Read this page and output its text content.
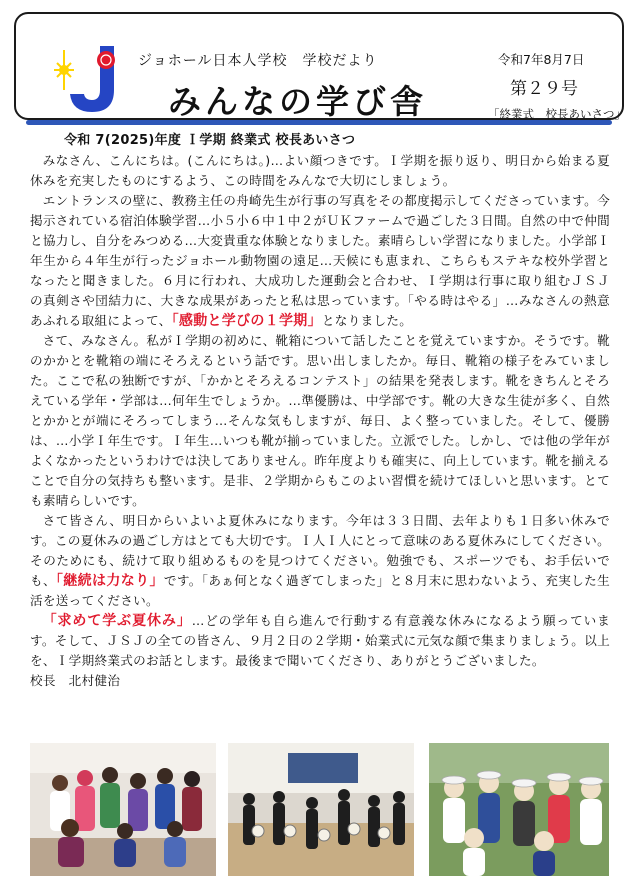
ジョホール日本人学校　学校だより
みんなの学び舎
令和7年8月7日
第２９号
「終業式　校長あいさつ」
令和 7(2025)年度 Ｉ学期 終業式 校長あいさつ

みなさん、こんにちは。(こんにちは。)…よい顔つきです。Ｉ学期を振り返り、明日から始まる夏休みを充実したものにするよう、この時間をみんなで大切にしましょう。

エントランスの壁に、教務主任の舟崎先生が行事の写真をその都度掲示してくださっています。今掲示されている宿泊体験学習…小５小６中１中２がＵＫファームで過ごした３日間。自然の中で仲間と協力し、自分をみつめる…大変貴重な体験となりました。素晴らしい学習になりました。小学部Ｉ年生から４年生が行ったジョホール動物園の遠足…天候にも恵まれ、こちらもステキな校外学習となったと聞きました。６月に行われ、大成功した運動会と合わせ、Ｉ学期は行事に取り組むＪＳＪの真剣さや団結力に、大きな成果があったと私は思っています。「やる時はやる」…みなさんの熱意あふれる取組によって、「感動と学びの１学期」となりました。

さて、みなさん。私がＩ学期の初めに、靴箱について話したことを覚えていますか。そうです。靴のかかとを靴箱の端にそろえるという話です。思い出しましたか。毎日、靴箱の様子をみていました。ここで私の独断ですが、「かかとそろえるコンテスト」の結果を発表します。靴をきちんとそろえている学年・学部は…何年生でしょうか。…準優勝は、中学部です。靴の大きな生徒が多く、自然とかかとが端にそろってしまう…そんな気もしますが、毎日、よく整っていました。そして、優勝は、…小学Ｉ年生です。Ｉ年生…いつも靴が揃っていました。立派でした。しかし、では他の学年がよくなかったというわけでは決してありません。昨年度よりも確実に、向上しています。靴を揃えることで自分の気持ちも整います。是非、２学期からもこのよい習慣を続けてほしいと思います。とても素晴らしいです。

さて皆さん、明日からいよいよ夏休みになります。今年は３３日間、去年よりも１日多い休みです。この夏休みの過ごし方はとても大切です。Ｉ人Ｉ人にとって意味のある夏休みにしてください。そのためにも、続けて取り組めるものを見つけてください。勉強でも、スポーツでも、お手伝いでも、「継続は力なり」です。「あぁ何となく過ぎてしまった」と８月末に思わないよう、充実した生活を送ってください。

「求めて学ぶ夏休み」…どの学年も自ら進んで行動する有意義な休みになるよう願っています。そして、ＪＳＪの全ての皆さん、９月２日の２学期・始業式に元気な顔で集まりましょう。以上を、Ｉ学期終業式のお話とします。最後まで聞いてくださり、ありがとうございました。

校長　北村健治
